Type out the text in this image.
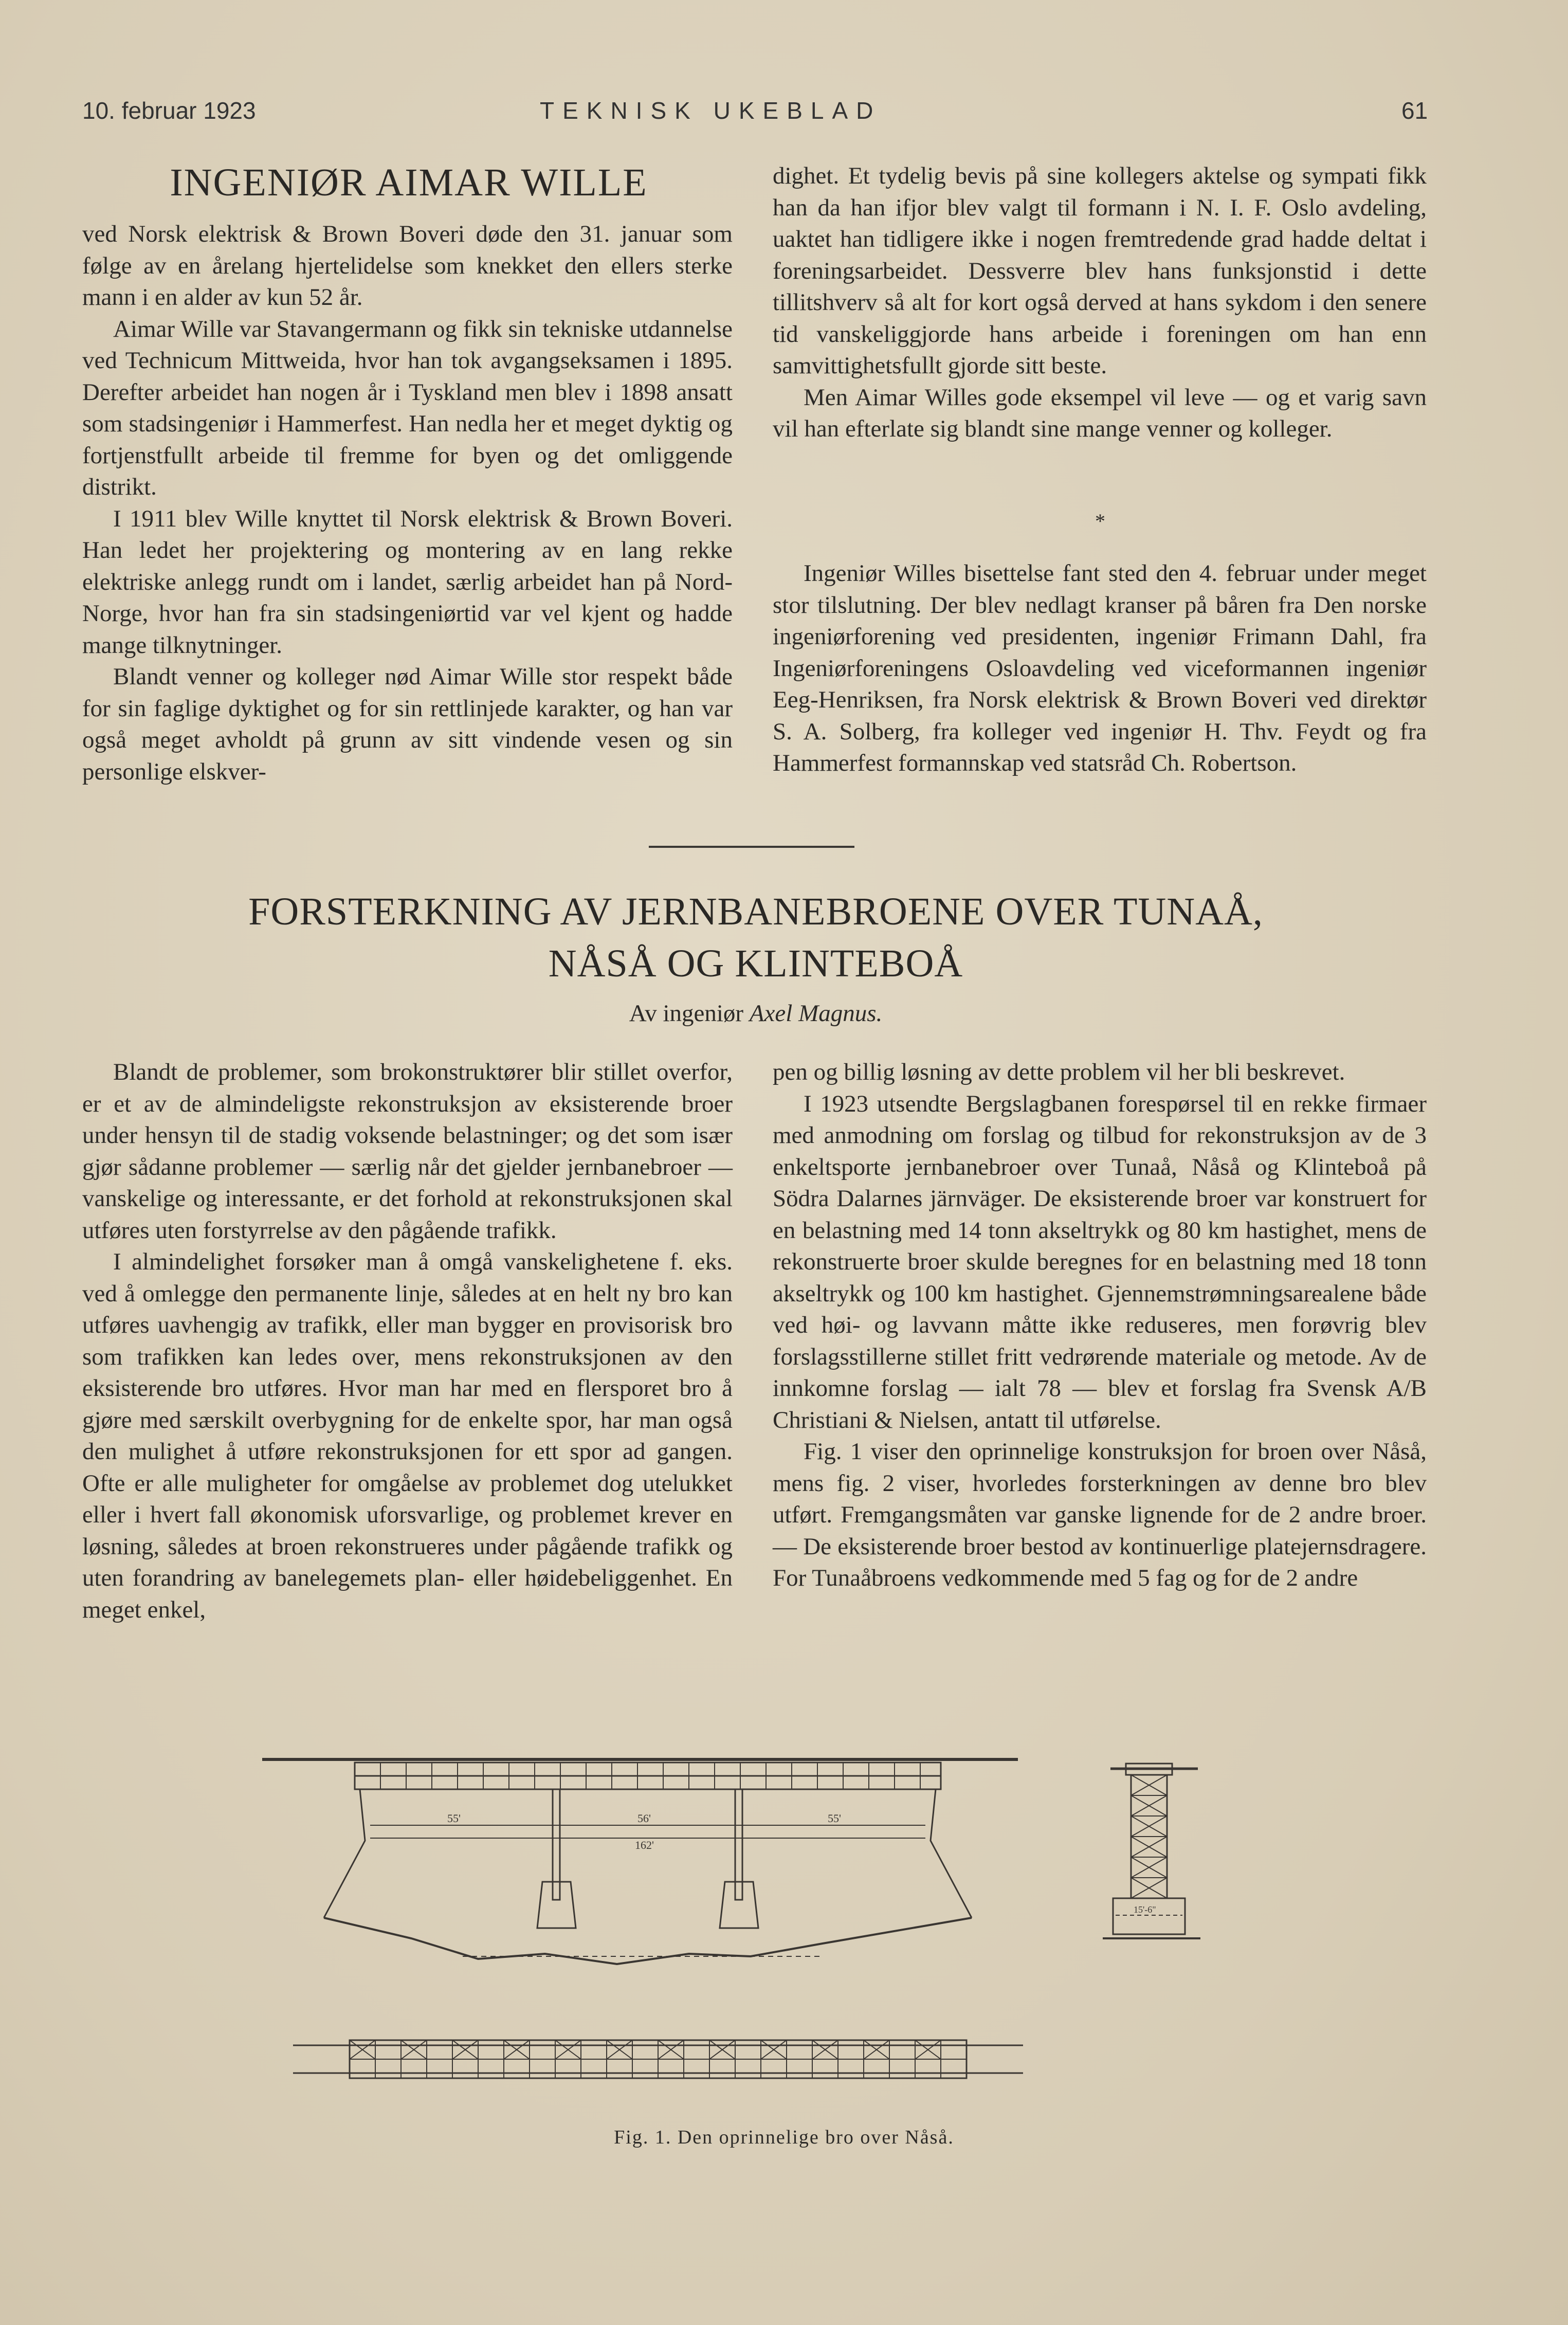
10. februar 1923	TEKNISK UKEBLAD	61
INGENIØR AIMAR WILLE

ved Norsk elektrisk & Brown Boveri døde den 31. januar som følge av en årelang hjertelidelse som knekket den ellers sterke mann i en alder av kun 52 år.

Aimar Wille var Stavangermann og fikk sin tekniske utdannelse ved Technicum Mittweida, hvor han tok avgangseksamen i 1895. Derefter arbeidet han nogen år i Tyskland men blev i 1898 ansatt som stadsingeniør i Hammerfest. Han nedla her et meget dyktig og fortjenstfullt arbeide til fremme for byen og det omliggende distrikt.

I 1911 blev Wille knyttet til Norsk elektrisk & Brown Boveri. Han ledet her projektering og montering av en lang rekke elektriske anlegg rundt om i landet, særlig arbeidet han på Nord-Norge, hvor han fra sin stadsingeniørtid var vel kjent og hadde mange tilknytninger.

Blandt venner og kolleger nød Aimar Wille stor respekt både for sin faglige dyktighet og for sin rettlinjede karakter, og han var også meget avholdt på grunn av sitt vindende vesen og sin personlige elskver-

dighet. Et tydelig bevis på sine kollegers aktelse og sympati fikk han da han ifjor blev valgt til formann i N. I. F. Oslo avdeling, uaktet han tidligere ikke i nogen fremtredende grad hadde deltat i foreningsarbeidet. Dessverre blev hans funksjonstid i dette tillitshverv så alt for kort også derved at hans sykdom i den senere tid vanskeliggjorde hans arbeide i foreningen om han enn samvittighetsfullt gjorde sitt beste.

Men Aimar Willes gode eksempel vil leve — og et varig savn vil han efterlate sig blandt sine mange venner og kolleger.

*

Ingeniør Willes bisettelse fant sted den 4. februar under meget stor tilslutning. Der blev nedlagt kranser på båren fra Den norske ingeniørforening ved presidenten, ingeniør Frimann Dahl, fra Ingeniørforeningens Osloavdeling ved viceformannen ingeniør Eeg-Henriksen, fra Norsk elektrisk & Brown Boveri ved direktør S. A. Solberg, fra kolleger ved ingeniør H. Thv. Feydt og fra Hammerfest formannskap ved statsråd Ch. Robertson.

FORSTERKNING AV JERNBANEBROENE OVER TUNAÅ,
NÅSÅ OG KLINTEBOÅ
Av ingeniør Axel Magnus.

Blandt de problemer, som brokonstruktører blir stillet overfor, er et av de almindeligste rekonstruksjon av eksisterende broer under hensyn til de stadig voksende belastninger; og det som især gjør sådanne problemer — særlig når det gjelder jernbanebroer — vanskelige og interessante, er det forhold at rekonstruksjonen skal utføres uten forstyrrelse av den pågående trafikk.

I almindelighet forsøker man å omgå vanskelighetene f. eks. ved å omlegge den permanente linje, således at en helt ny bro kan utføres uavhengig av trafikk, eller man bygger en provisorisk bro som trafikken kan ledes over, mens rekonstruksjonen av den eksisterende bro utføres. Hvor man har med en flersporet bro å gjøre med særskilt overbygning for de enkelte spor, har man også den mulighet å utføre rekonstruksjonen for ett spor ad gangen. Ofte er alle muligheter for omgåelse av problemet dog utelukket eller i hvert fall økonomisk uforsvarlige, og problemet krever en løsning, således at broen rekonstrueres under pågående trafikk og uten forandring av banelegemets plan- eller høidebeliggenhet. En meget enkel,

pen og billig løsning av dette problem vil her bli beskrevet.

I 1923 utsendte Bergslagbanen forespørsel til en rekke firmaer med anmodning om forslag og tilbud for rekonstruksjon av de 3 enkeltsporte jernbanebroer over Tunaå, Nåså og Klinteboå på Södra Dalarnes järnväger. De eksisterende broer var konstruert for en belastning med 14 tonn akseltrykk og 80 km hastighet, mens de rekonstruerte broer skulde beregnes for en belastning med 18 tonn akseltrykk og 100 km hastighet. Gjennemstrømningsarealene både ved høi- og lavvann måtte ikke reduseres, men forøvrig blev forslagsstillerne stillet fritt vedrørende materiale og metode. Av de innkomne forslag — ialt 78 — blev et forslag fra Svensk A/B Christiani & Nielsen, antatt til utførelse.

Fig. 1 viser den oprinnelige konstruksjon for broen over Nåså, mens fig. 2 viser, hvorledes forsterkningen av denne bro blev utført. Fremgangsmåten var ganske lignende for de 2 andre broer. — De eksisterende broer bestod av kontinuerlige platejernsdragere. For Tunaåbroens vedkommende med 5 fag og for de 2 andre

55'	56'	55'
162'
15'-6"
Fig. 1. Den oprinnelige bro over Nåså.
